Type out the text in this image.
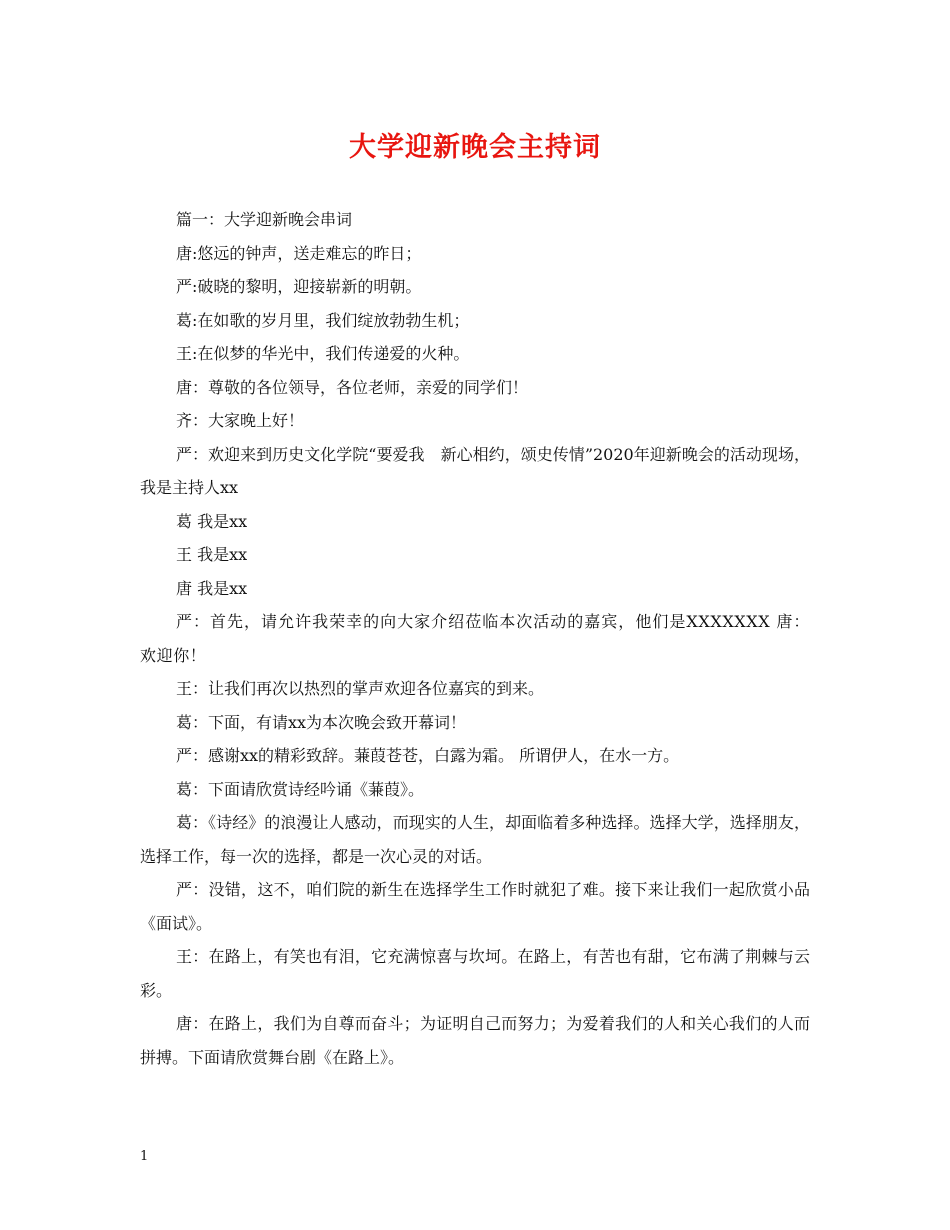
大学迎新晚会主持词

篇一：大学迎新晚会串词

唐:悠远的钟声，送走难忘的昨日；

严:破晓的黎明，迎接崭新的明朝。

葛:在如歌的岁月里，我们绽放勃勃生机；

王:在似梦的华光中，我们传递爱的火种。

唐：尊敬的各位领导，各位老师，亲爱的同学们！

齐：大家晚上好！

严：欢迎来到历史文化学院“要爱我　新心相约，颂史传情”2020年迎新晚会的活动现场，我是主持人xx

葛 我是xx

王 我是xx

唐 我是xx

严：首先，请允许我荣幸的向大家介绍莅临本次活动的嘉宾，他们是XXXXXXX 唐：欢迎你！

王：让我们再次以热烈的掌声欢迎各位嘉宾的到来。

葛：下面，有请xx为本次晚会致开幕词！

严：感谢xx的精彩致辞。蒹葭苍苍，白露为霜。 所谓伊人，在水一方。

葛：下面请欣赏诗经吟诵《蒹葭》。

葛：《诗经》的浪漫让人感动，而现实的人生，却面临着多种选择。选择大学，选择朋友，选择工作，每一次的选择，都是一次心灵的对话。

严：没错，这不，咱们院的新生在选择学生工作时就犯了难。接下来让我们一起欣赏小品《面试》。

王：在路上，有笑也有泪，它充满惊喜与坎坷。在路上，有苦也有甜，它布满了荆棘与云彩。

唐：在路上，我们为自尊而奋斗；为证明自己而努力；为爱着我们的人和关心我们的人而拼搏。下面请欣赏舞台剧《在路上》。

1
